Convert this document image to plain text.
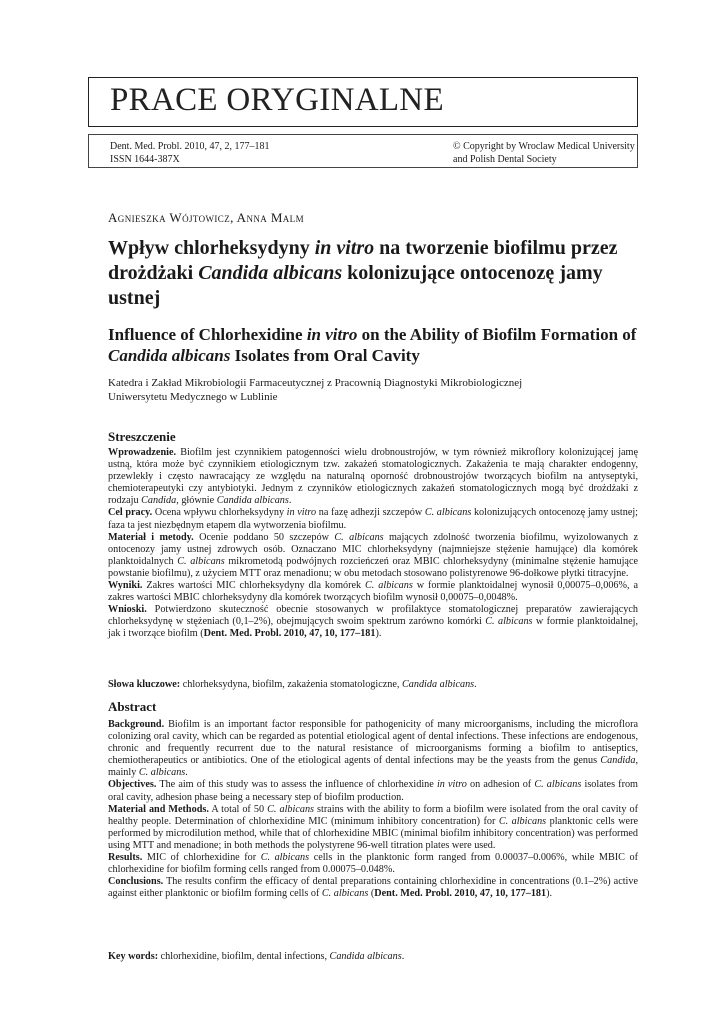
PRACE ORYGINALNE
Dent. Med. Probl. 2010, 47, 2, 177–181
ISSN 1644-387X
© Copyright by Wroclaw Medical University
and Polish Dental Society
Agnieszka Wójtowicz, Anna Malm
Wpływ chlorheksydyny in vitro na tworzenie biofilmu przez drożdżaki Candida albicans kolonizujące ontocenozę jamy ustnej
Influence of Chlorhexidine in vitro on the Ability of Biofilm Formation of Candida albicans Isolates from Oral Cavity
Katedra i Zakład Mikrobiologii Farmaceutycznej z Pracownią Diagnostyki Mikrobiologicznej
Uniwersytetu Medycznego w Lublinie
Streszczenie

Wprowadzenie. Biofilm jest czynnikiem patogenności wielu drobnoustrojów, w tym również mikroflory kolonizującej jamę ustną, która może być czynnikiem etiologicznym tzw. zakażeń stomatologicznych. Zakażenia te mają charakter endogenny, przewlekły i często nawracający ze względu na naturalną oporność drobnoustrojów tworzących biofilm na antyseptyki, chemioterapeutyki czy antybiotyki. Jednym z czynników etiologicznych zakażeń stomatologicznych mogą być drożdżaki z rodzaju Candida, głównie Candida albicans.

Cel pracy. Ocena wpływu chlorheksydyny in vitro na fazę adhezji szczepów C. albicans kolonizujących ontocenozę jamy ustnej; faza ta jest niezbędnym etapem dla wytworzenia biofilmu.

Materiał i metody. Ocenie poddano 50 szczepów C. albicans mających zdolność tworzenia biofilmu, wyizolowanych z ontocenozy jamy ustnej zdrowych osób. Oznaczano MIC chlorheksydyny (najmniejsze stężenie hamujące) dla komórek planktoidalnych C. albicans mikrometodą podwójnych rozcieńczeń oraz MBIC chlorheksydyny (minimalne stężenie hamujące powstanie biofilmu), z użyciem MTT oraz menadionu; w obu metodach stosowano polistyrenowe 96-dołkowe płytki titracyjne.

Wyniki. Zakres wartości MIC chlorheksydyny dla komórek C. albicans w formie planktoidalnej wynosił 0,00075–0,006%, a zakres wartości MBIC chlorheksydyny dla komórek tworzących biofilm wynosił 0,00075–0,0048%.

Wnioski. Potwierdzono skuteczność obecnie stosowanych w profilaktyce stomatologicznej preparatów zawierających chlorheksydynę w stężeniach (0,1–2%), obejmujących swoim spektrum zarówno komórki C. albicans w formie planktoidalnej, jak i tworzące biofilm (Dent. Med. Probl. 2010, 47, 10, 177–181).

Słowa kluczowe: chlorheksydyna, biofilm, zakażenia stomatologiczne, Candida albicans.
Abstract

Background. Biofilm is an important factor responsible for pathogenicity of many microorganisms, including the microflora colonizing oral cavity, which can be regarded as potential etiological agent of dental infections. These infections are endogenous, chronic and frequently recurrent due to the natural resistance of microorganisms forming a biofilm to antiseptics, chemiotherapeutics or antibiotics. One of the etiological agents of dental infections may be the yeasts from the genus Candida, mainly C. albicans.

Objectives. The aim of this study was to assess the influence of chlorhexidine in vitro on adhesion of C. albicans isolates from oral cavity, adhesion phase being a necessary step of biofilm production.

Material and Methods. A total of 50 C. albicans strains with the ability to form a biofilm were isolated from the oral cavity of healthy people. Determination of chlorhexidine MIC (minimum inhibitory concentration) for C. albicans planktonic cells were performed by microdilution method, while that of chlorhexidine MBIC (minimal biofilm inhibitory concentration) was performed using MTT and menadione; in both methods the polystyrene 96-well titration plates were used.

Results. MIC of chlorhexidine for C. albicans cells in the planktonic form ranged from 0.00037–0.006%, while MBIC of chlorhexidine for biofilm forming cells ranged from 0.00075–0.048%.

Conclusions. The results confirm the efficacy of dental preparations containing chlorhexidine in concentrations (0.1–2%) active against either planktonic or biofilm forming cells of C. albicans (Dent. Med. Probl. 2010, 47, 10, 177–181).

Key words: chlorhexidine, biofilm, dental infections, Candida albicans.
